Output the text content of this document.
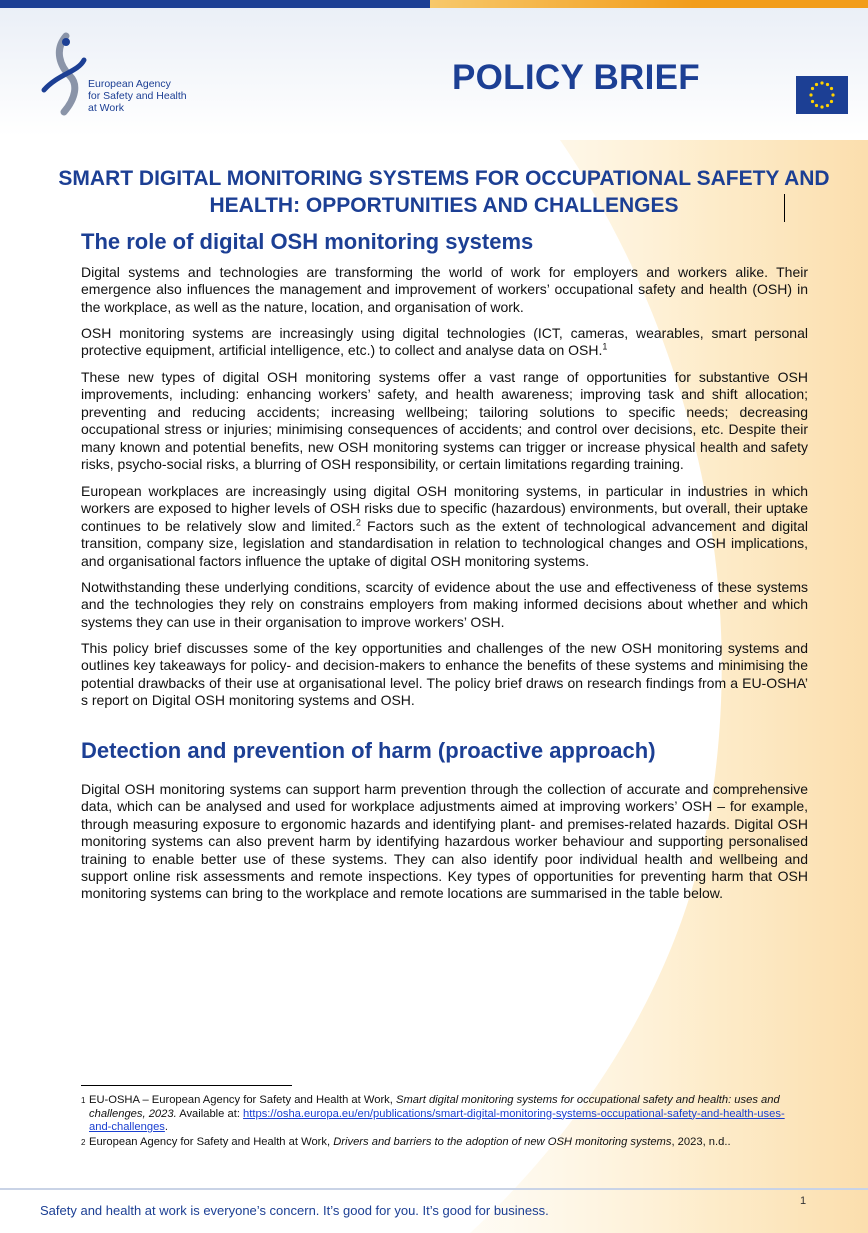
European Agency
for Safety and Health
at Work
POLICY BRIEF
SMART DIGITAL MONITORING SYSTEMS FOR OCCUPATIONAL SAFETY AND HEALTH: OPPORTUNITIES AND CHALLENGES
The role of digital OSH monitoring systems

Digital systems and technologies are transforming the world of work for employers and workers alike. Their emergence also influences the management and improvement of workers’ occupational safety and health (OSH) in the workplace, as well as the nature, location, and organisation of work.

OSH monitoring systems are increasingly using digital technologies (ICT, cameras, wearables, smart personal protective equipment, artificial intelligence, etc.) to collect and analyse data on OSH.$^1$

These new types of digital OSH monitoring systems offer a vast range of opportunities for substantive OSH improvements, including: enhancing workers’ safety, and health awareness; improving task and shift allocation; preventing and reducing accidents; increasing wellbeing; tailoring solutions to specific needs; decreasing occupational stress or injuries; minimising consequences of accidents; and control over decisions, etc. Despite their many known and potential benefits, new OSH monitoring systems can trigger or increase physical health and safety risks, psycho-social risks, a blurring of OSH responsibility, or certain limitations regarding training.

European workplaces are increasingly using digital OSH monitoring systems, in particular in industries in which workers are exposed to higher levels of OSH risks due to specific (hazardous) environments, but overall, their uptake continues to be relatively slow and limited.$^2$ Factors such as the extent of technological advancement and digital transition, company size, legislation and standardisation in relation to technological changes and OSH implications, and organisational factors influence the uptake of digital OSH monitoring systems.

Notwithstanding these underlying conditions, scarcity of evidence about the use and effectiveness of these systems and the technologies they rely on constrains employers from making informed decisions about whether and which systems they can use in their organisation to improve workers’ OSH.

This policy brief discusses some of the key opportunities and challenges of the new OSH monitoring systems and outlines key takeaways for policy- and decision-makers to enhance the benefits of these systems and minimising the potential drawbacks of their use at organisational level. The policy brief draws on research findings from a EU-OSHA’ s report on Digital OSH monitoring systems and OSH.

Detection and prevention of harm (proactive approach)

Digital OSH monitoring systems can support harm prevention through the collection of accurate and comprehensive data, which can be analysed and used for workplace adjustments aimed at improving workers’ OSH – for example, through measuring exposure to ergonomic hazards and identifying plant- and premises-related hazards. Digital OSH monitoring systems can also prevent harm by identifying hazardous worker behaviour and supporting personalised training to enable better use of these systems. They can also identify poor individual health and wellbeing and support online risk assessments and remote inspections. Key types of opportunities for preventing harm that OSH monitoring systems can bring to the workplace and remote locations are summarised in the table below.

1 EU-OSHA – European Agency for Safety and Health at Work, Smart digital monitoring systems for occupational safety and health: uses and challenges, 2023. Available at: https://osha.europa.eu/en/publications/smart-digital-monitoring-systems-occupational-safety-and-health-uses-and-challenges.
2 European Agency for Safety and Health at Work, Drivers and barriers to the adoption of new OSH monitoring systems, 2023, n.d..
Safety and health at work is everyone’s concern. It’s good for you. It’s good for business.
1
